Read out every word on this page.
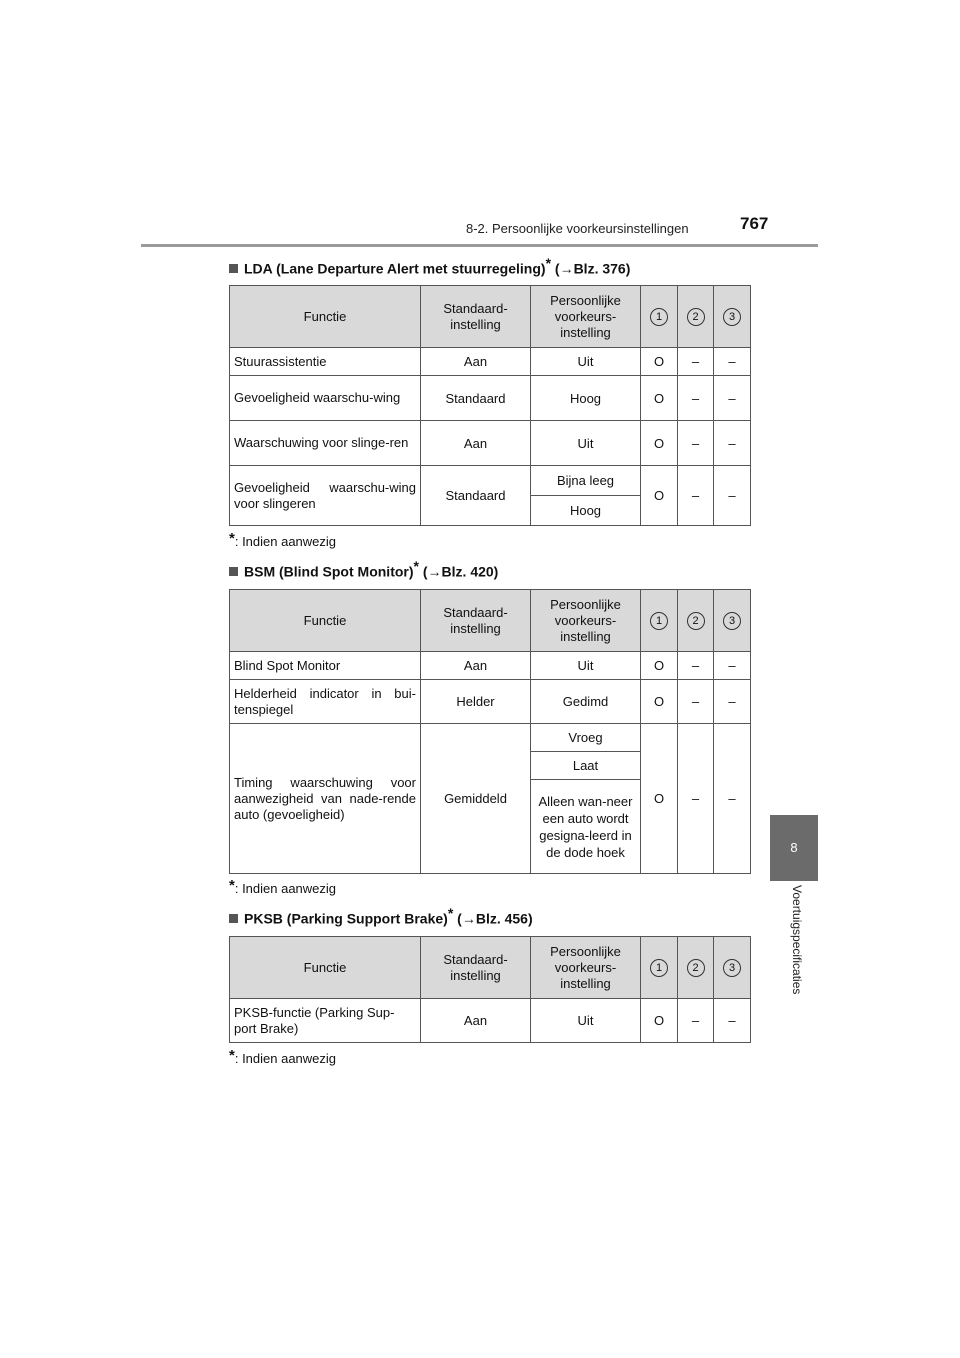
8-2. Persoonlijke voorkeursinstellingen	767
8
Voertuigspecificaties
LDA (Lane Departure Alert met stuurregeling)* (→Blz. 376)
Functie	Standaard-instelling	Persoonlijke voorkeurs-instelling	1	2	3
Stuurassistentie	Aan	Uit	O	–	–
Gevoeligheid waarschu-wing	Standaard	Hoog	O	–	–
Waarschuwing voor slinge-ren	Aan	Uit	O	–	–
Gevoeligheid waarschu-wing voor slingeren	Standaard	Bijna leeg	O	–	–
		Hoog			
*: Indien aanwezig
BSM (Blind Spot Monitor)* (→Blz. 420)
Functie	Standaard-instelling	Persoonlijke voorkeurs-instelling	1	2	3
Blind Spot Monitor	Aan	Uit	O	–	–
Helderheid indicator in bui-tenspiegel	Helder	Gedimd	O	–	–
Timing waarschuwing voor aanwezigheid van nade-rende auto (gevoeligheid)	Gemiddeld	Vroeg	O	–	–
		Laat			
		Alleen wan-neer een auto wordt gesigna-leerd in de dode hoek			
*: Indien aanwezig
PKSB (Parking Support Brake)* (→Blz. 456)
Functie	Standaard-instelling	Persoonlijke voorkeurs-instelling	1	2	3
PKSB-functie (Parking Sup-port Brake)	Aan	Uit	O	–	–
*: Indien aanwezig
